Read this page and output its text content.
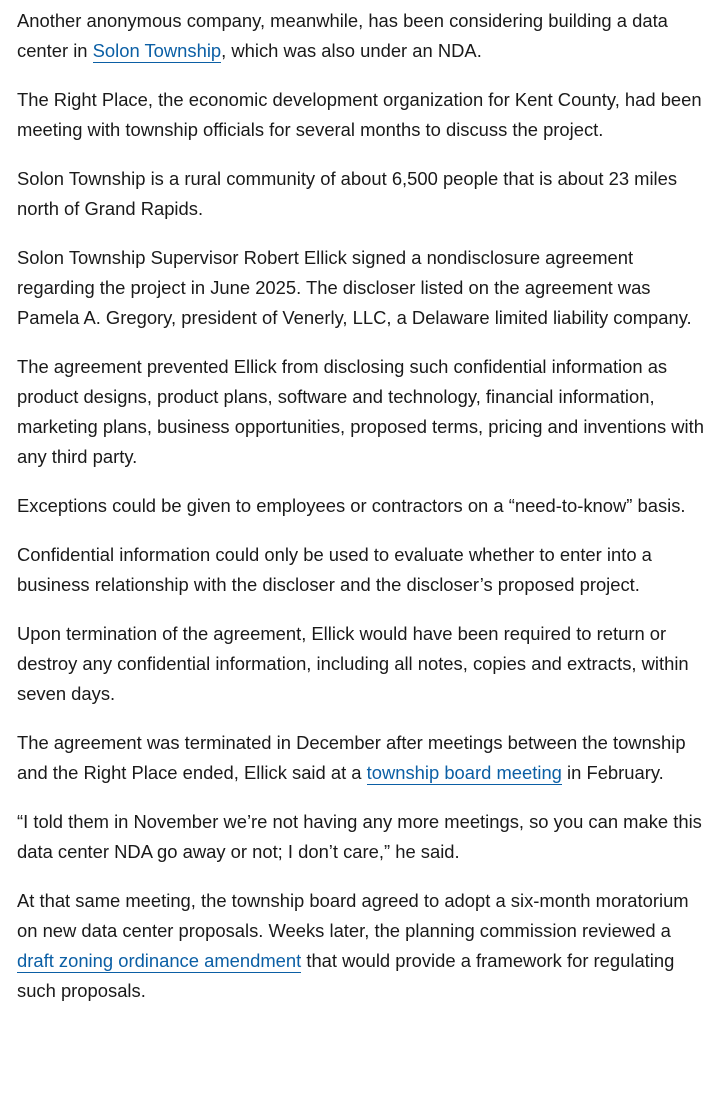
Another anonymous company, meanwhile, has been considering building a data center in Solon Township, which was also under an NDA.

The Right Place, the economic development organization for Kent County, had been meeting with township officials for several months to discuss the project.

Solon Township is a rural community of about 6,500 people that is about 23 miles north of Grand Rapids.

Solon Township Supervisor Robert Ellick signed a nondisclosure agreement regarding the project in June 2025. The discloser listed on the agreement was Pamela A. Gregory, president of Venerly, LLC, a Delaware limited liability company.

The agreement prevented Ellick from disclosing such confidential information as product designs, product plans, software and technology, financial information, marketing plans, business opportunities, proposed terms, pricing and inventions with any third party.

Exceptions could be given to employees or contractors on a “need-to-know” basis.

Confidential information could only be used to evaluate whether to enter into a business relationship with the discloser and the discloser’s proposed project.

Upon termination of the agreement, Ellick would have been required to return or destroy any confidential information, including all notes, copies and extracts, within seven days.

The agreement was terminated in December after meetings between the township and the Right Place ended, Ellick said at a township board meeting in February.

“I told them in November we’re not having any more meetings, so you can make this data center NDA go away or not; I don’t care,” he said.

At that same meeting, the township board agreed to adopt a six-month moratorium on new data center proposals. Weeks later, the planning commission reviewed a draft zoning ordinance amendment that would provide a framework for regulating such proposals.
